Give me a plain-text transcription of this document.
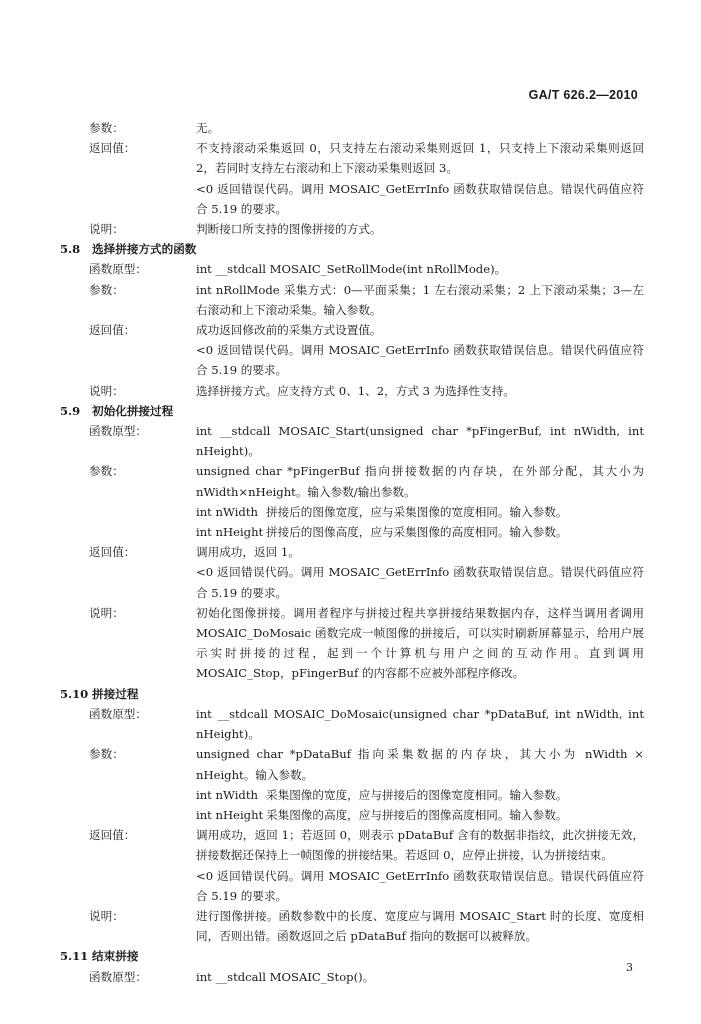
GA/T 626.2—2010
参数：	无。

返回值：	不支持滚动采集返回 0，只支持左右滚动采集则返回 1，只支持上下滚动采集则返回 2，若同时支持左右滚动和上下滚动采集则返回 3。

<0 返回错误代码。调用 MOSAIC_GetErrInfo 函数获取错误信息。错误代码值应符合 5.19 的要求。

说明：	判断接口所支持的图像拼接的方式。

5.8 选择拼接方式的函数
函数原型：	int __stdcall MOSAIC_SetRollMode(int nRollMode)。

参数：	int nRollMode 采集方式：0—平面采集；1 左右滚动采集；2 上下滚动采集；3—左右滚动和上下滚动采集。输入参数。

返回值：	成功返回修改前的采集方式设置值。

<0 返回错误代码。调用 MOSAIC_GetErrInfo 函数获取错误信息。错误代码值应符合 5.19 的要求。

说明：	选择拼接方式。应支持方式 0、1、2，方式 3 为选择性支持。

5.9 初始化拼接过程
函数原型：	int __stdcall MOSAIC_Start(unsigned char *pFingerBuf, int nWidth, int nHeight)。

参数：	unsigned char *pFingerBuf 指向拼接数据的内存块，在外部分配，其大小为 nWidth×nHeight。输入参数/输出参数。

int nWidth 拼接后的图像宽度，应与采集图像的宽度相同。输入参数。
int nHeight 拼接后的图像高度，应与采集图像的高度相同。输入参数。
返回值：	调用成功，返回 1。

<0 返回错误代码。调用 MOSAIC_GetErrInfo 函数获取错误信息。错误代码值应符合 5.19 的要求。

说明：	初始化图像拼接。调用者程序与拼接过程共享拼接结果数据内存，这样当调用者调用 MOSAIC_DoMosaic 函数完成一帧图像的拼接后，可以实时刷新屏幕显示，给用户展示实时拼接的过程，起到一个计算机与用户之间的互动作用。直到调用 MOSAIC_Stop，pFingerBuf 的内容都不应被外部程序修改。

5.10 拼接过程
函数原型：	int __stdcall MOSAIC_DoMosaic(unsigned char *pDataBuf, int nWidth, int nHeight)。

参数：	unsigned char *pDataBuf 指向采集数据的内存块，其大小为 nWidth × nHeight。输入参数。

int nWidth 采集图像的宽度，应与拼接后的图像宽度相同。输入参数。
int nHeight 采集图像的高度，应与拼接后的图像高度相同。输入参数。
返回值：	调用成功，返回 1；若返回 0，则表示 pDataBuf 含有的数据非指纹，此次拼接无效，拼接数据还保持上一帧图像的拼接结果。若返回 0，应停止拼接，认为拼接结束。

<0 返回错误代码。调用 MOSAIC_GetErrInfo 函数获取错误信息。错误代码值应符合 5.19 的要求。

说明：	进行图像拼接。函数参数中的长度、宽度应与调用 MOSAIC_Start 时的长度、宽度相同，否则出错。函数返回之后 pDataBuf 指向的数据可以被释放。

5.11 结束拼接
函数原型：	int __stdcall MOSAIC_Stop()。

3
